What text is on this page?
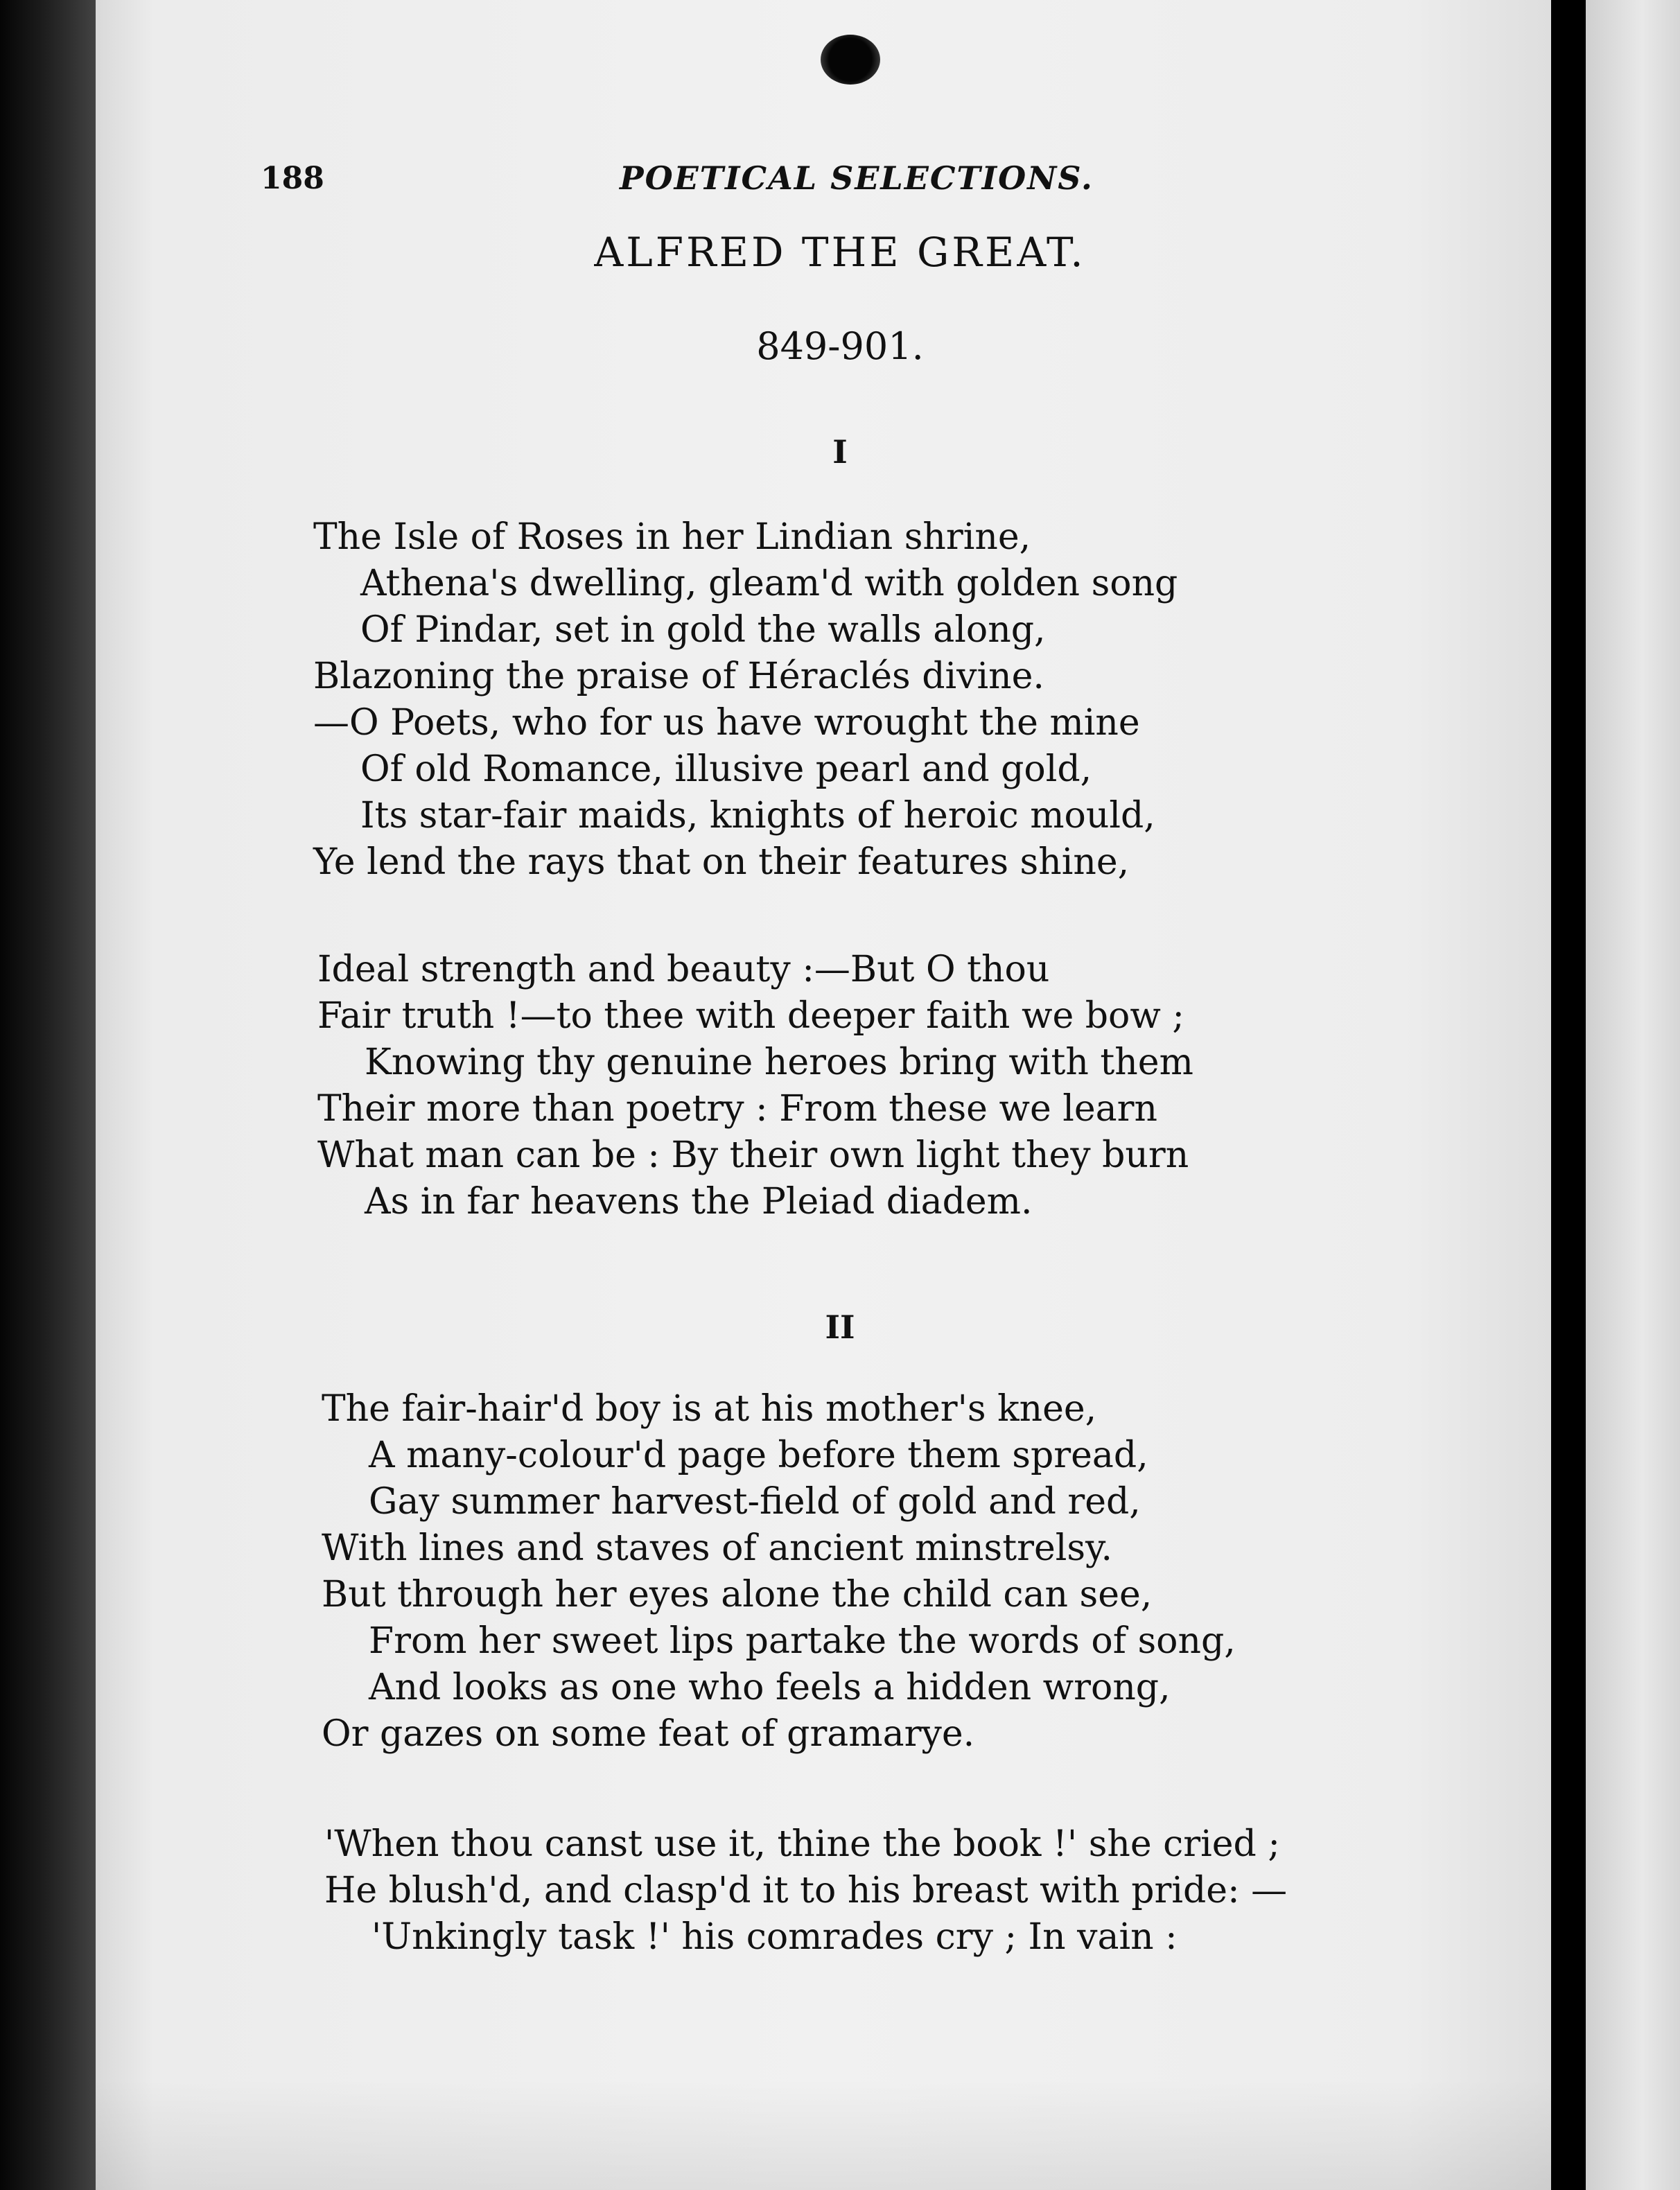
188	POETICAL SELECTIONS.
ALFRED THE GREAT.
849-901.
I
The Isle of Roses in her Lindian shrine,
Athena's dwelling, gleam'd with golden song
Of Pindar, set in gold the walls along,
Blazoning the praise of Héraclés divine.
—O Poets, who for us have wrought the mine
Of old Romance, illusive pearl and gold,
Its star-fair maids, knights of heroic mould,
Ye lend the rays that on their features shine,
Ideal strength and beauty :—But O thou
Fair truth !—to thee with deeper faith we bow ;
Knowing thy genuine heroes bring with them
Their more than poetry : From these we learn
What man can be : By their own light they burn
As in far heavens the Pleiad diadem.
II
The fair-hair'd boy is at his mother's knee,
A many-colour'd page before them spread,
Gay summer harvest-field of gold and red,
With lines and staves of ancient minstrelsy.
But through her eyes alone the child can see,
From her sweet lips partake the words of song,
And looks as one who feels a hidden wrong,
Or gazes on some feat of gramarye.
'When thou canst use it, thine the book !' she cried ;
He blush'd, and clasp'd it to his breast with pride: —
'Unkingly task !' his comrades cry ; In vain :
